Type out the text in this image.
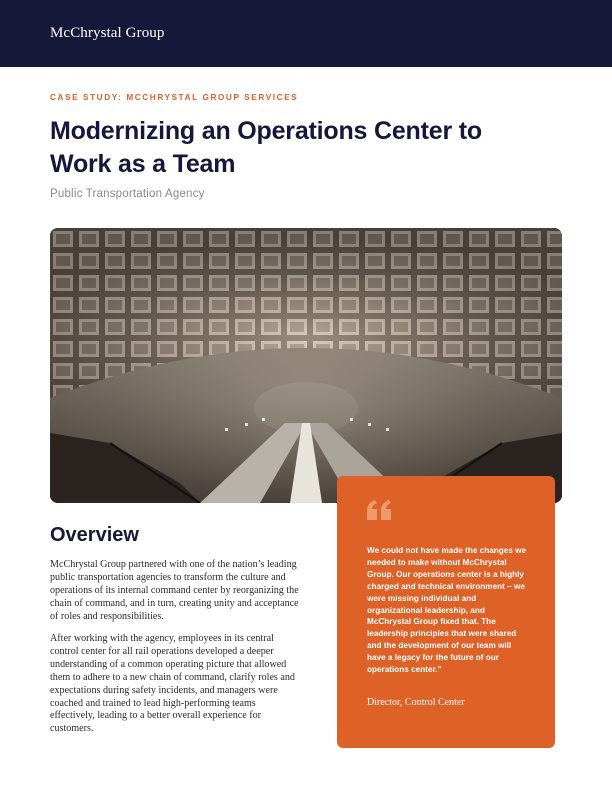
McChrystal Group
CASE STUDY: MCCHRYSTAL GROUP SERVICES
Modernizing an Operations Center to Work as a Team
Public Transportation Agency
Overview
McChrystal Group partnered with one of the nation’s leading public transportation agencies to transform the culture and operations of its internal command center by reorganizing the chain of command, and in turn, creating unity and acceptance of roles and responsibilities.
After working with the agency, employees in its central control center for all rail operations developed a deeper understanding of a common operating picture that allowed them to adhere to a new chain of command, clarify roles and expectations during safety incidents, and managers were coached and trained to lead high-performing teams effectively, leading to a better overall experience for customers.
We could not have made the changes we needed to make without McChrystal Group. Our operations center is a highly charged and technical environment – we were missing individual and organizational leadership, and McChrystal Group fixed that. The leadership principles that were shared and the development of our team will have a legacy for the future of our operations center.”
Director, Control Center
